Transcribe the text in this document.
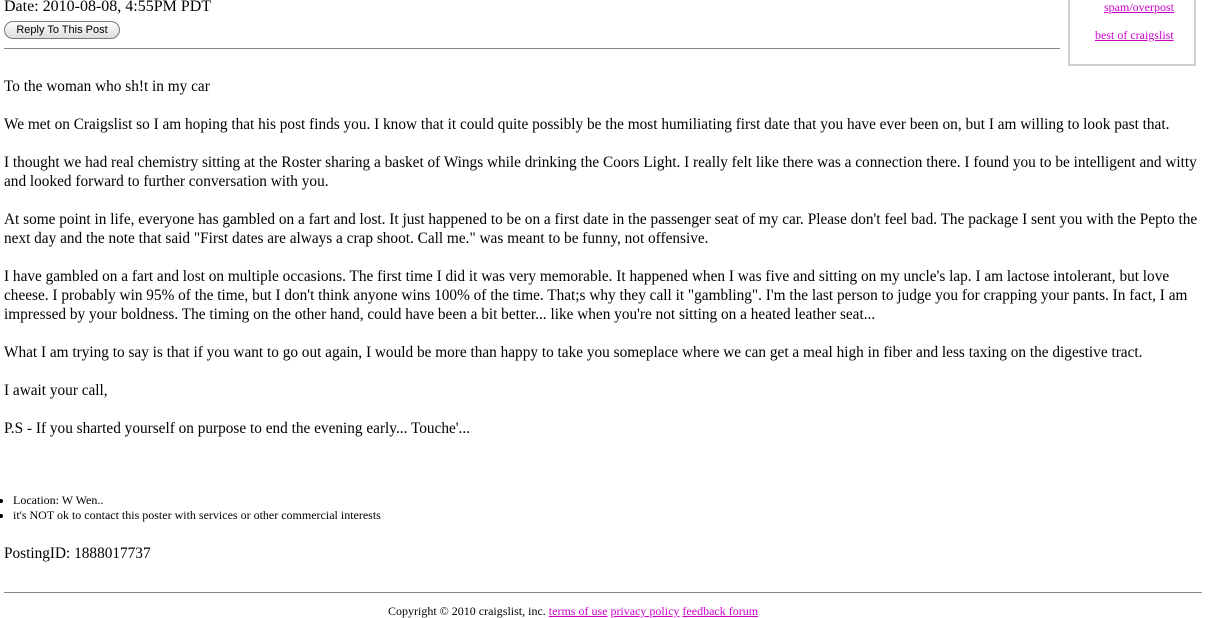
Date: 2010-08-08, 4:55PM PDT
Reply To This Post
spam/overpost
best of craigslist

To the woman who sh!t in my car

We met on Craigslist so I am hoping that his post finds you. I know that it could quite possibly be the most humiliating first date that you have ever been on, but I am willing to look past that.

I thought we had real chemistry sitting at the Roster sharing a basket of Wings while drinking the Coors Light. I really felt like there was a connection there. I found you to be intelligent and witty and looked forward to further conversation with you.

At some point in life, everyone has gambled on a fart and lost. It just happened to be on a first date in the passenger seat of my car. Please don't feel bad. The package I sent you with the Pepto the next day and the note that said "First dates are always a crap shoot. Call me." was meant to be funny, not offensive.

I have gambled on a fart and lost on multiple occasions. The first time I did it was very memorable. It happened when I was five and sitting on my uncle's lap. I am lactose intolerant, but love cheese. I probably win 95% of the time, but I don't think anyone wins 100% of the time. That;s why they call it "gambling". I'm the last person to judge you for crapping your pants. In fact, I am impressed by your boldness. The timing on the other hand, could have been a bit better... like when you're not sitting on a heated leather seat...

What I am trying to say is that if you want to go out again, I would be more than happy to take you someplace where we can get a meal high in fiber and less taxing on the digestive tract.

I await your call,

P.S - If you sharted yourself on purpose to end the evening early... Touche'...

• Location: W Wen..
• it's NOT ok to contact this poster with services or other commercial interests
PostingID: 1888017737
Copyright © 2010 craigslist, inc. terms of use privacy policy feedback forum
